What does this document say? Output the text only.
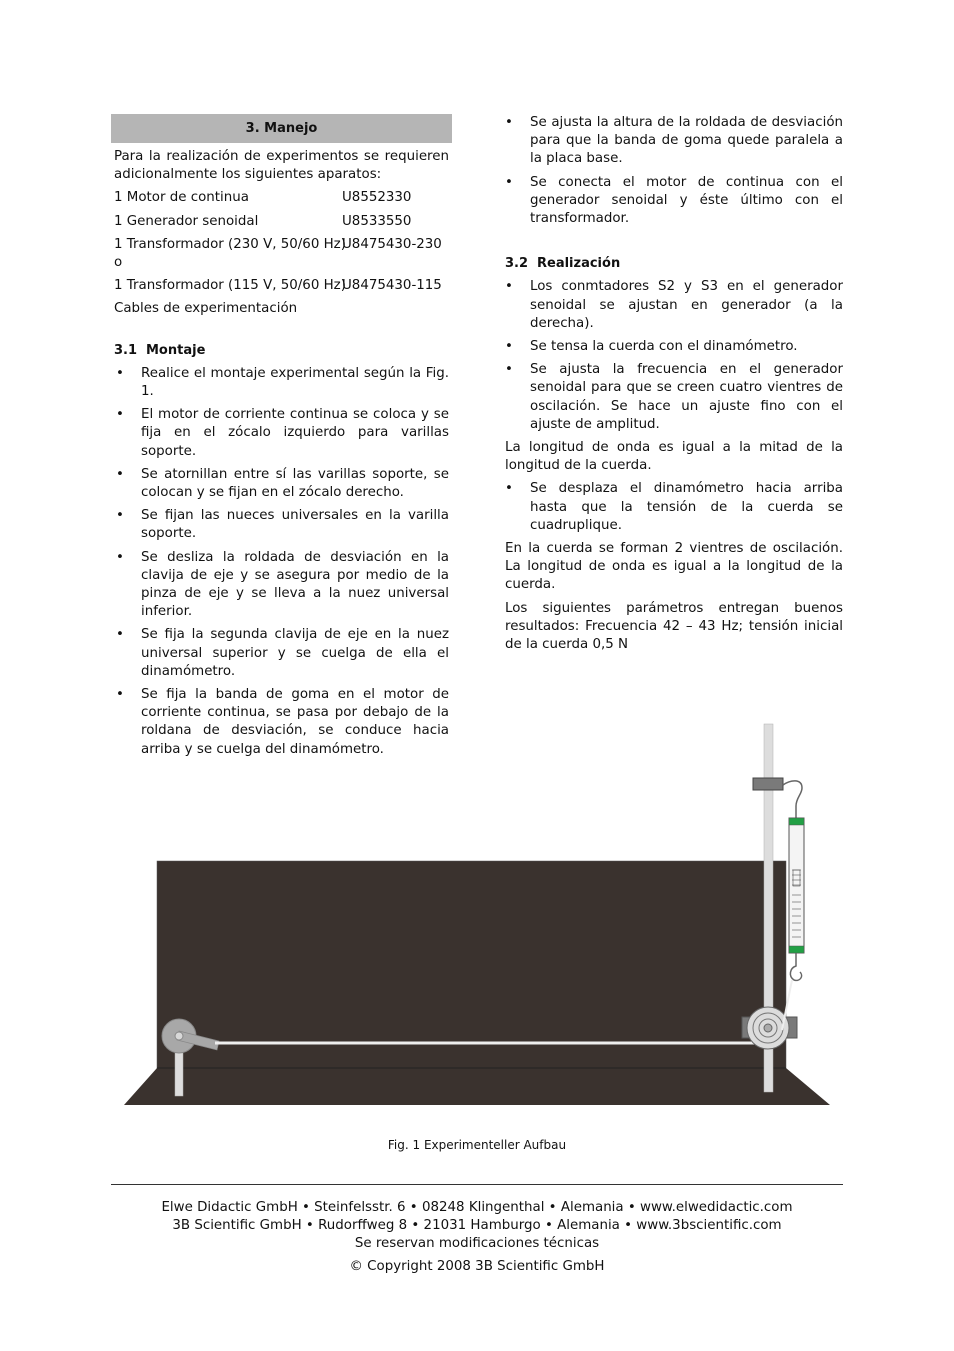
3. Manejo

Para la realización de experimentos se requieren adicionalmente los siguientes aparatos:

1 Motor de continua	U8552330
1 Generador senoidal	U8533550
1 Transformador (230 V, 50/60 Hz)
U8475430-230
o
1 Transformador (115 V, 50/60 Hz)
U8475430-115
Cables de experimentación
3.1 Montaje
• Realice el montaje experimental según la Fig. 1.
• El motor de corriente continua se coloca y se fija en el zócalo izquierdo para varillas soporte.
• Se atornillan entre sí las varillas soporte, se colocan y se fijan en el zócalo derecho.
• Se fijan las nueces universales en la varilla soporte.
• Se desliza la roldada de desviación en la clavija de eje y se asegura por medio de la pinza de eje y se lleva a la nuez universal inferior.
• Se fija la segunda clavija de eje en la nuez universal superior y se cuelga de ella el dinamómetro.
• Se fija la banda de goma en el motor de corriente continua, se pasa por debajo de la roldana de desviación, se conduce hacia arriba y se cuelga del dinamómetro.
• Se ajusta la altura de la roldada de desviación para que la banda de goma quede paralela a la placa base.
• Se conecta el motor de continua con el generador senoidal y éste último con el transformador.
3.2 Realización
• Los conmtadores S2 y S3 en el generador senoidal se ajustan en generador (a la derecha).
• Se tensa la cuerda con el dinamómetro.
• Se ajusta la frecuencia en el generador senoidal para que se creen cuatro vientres de oscilación. Se hace un ajuste fino con el ajuste de amplitud.

La longitud de onda es igual a la mitad de la longitud de la cuerda.

• Se desplaza el dinamómetro hacia arriba hasta que la tensión de la cuerda se cuadruplique.

En la cuerda se forman 2 vientres de oscilación. La longitud de onda es igual a la longitud de la cuerda.

Los siguientes parámetros entregan buenos resultados: Frecuencia 42 – 43 Hz; tensión inicial de la cuerda 0,5 N

Fig. 1 Experimenteller Aufbau
Elwe Didactic GmbH • Steinfelsstr. 6 • 08248 Klingenthal • Alemania • www.elwedidactic.com
3B Scientific GmbH • Rudorffweg 8 • 21031 Hamburgo • Alemania • www.3bscientific.com
Se reservan modificaciones técnicas
© Copyright 2008 3B Scientific GmbH
